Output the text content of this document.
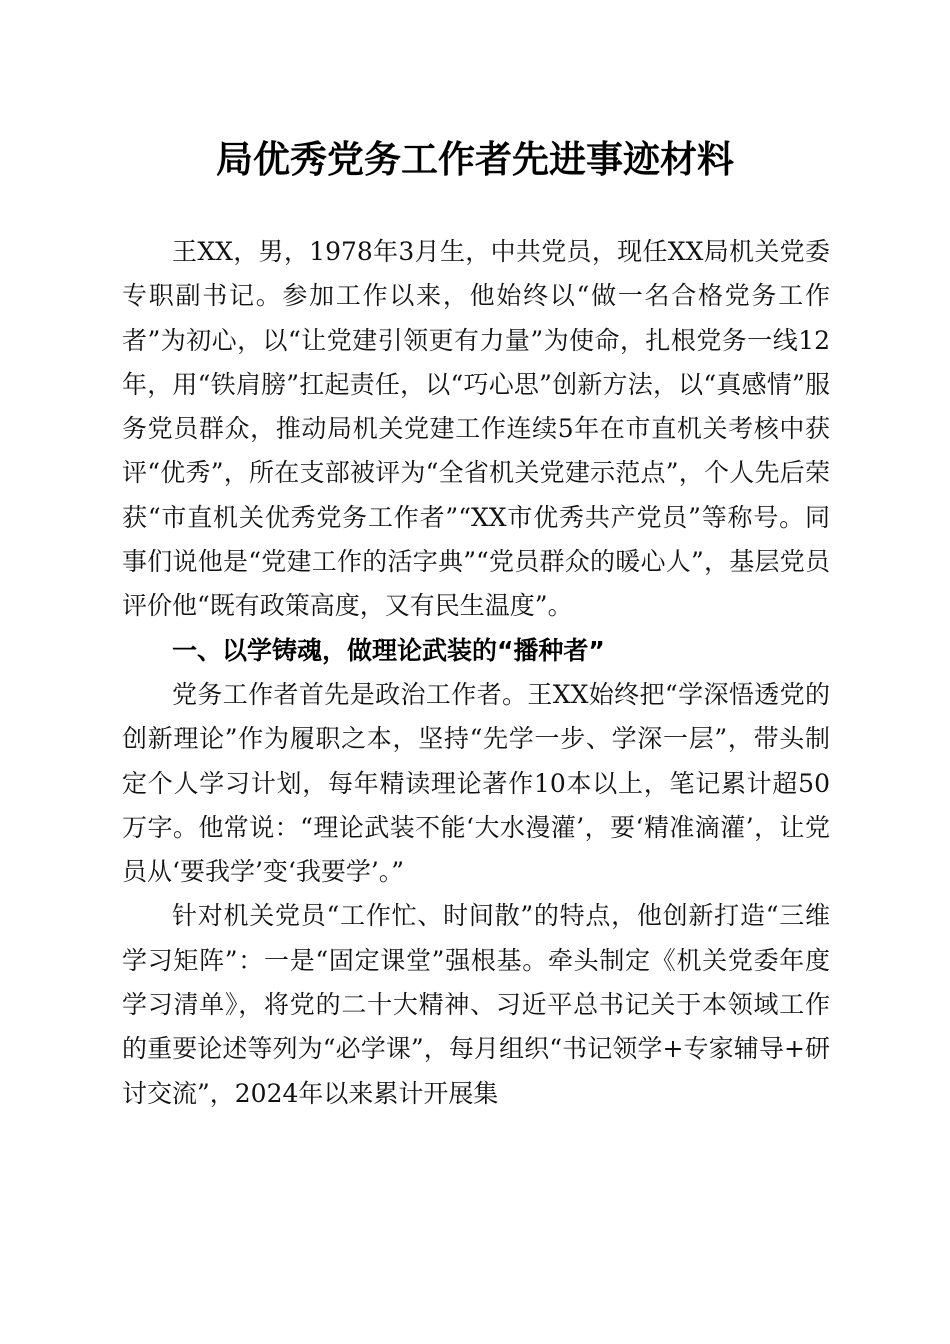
局优秀党务工作者先进事迹材料

王XX，男，1978年3月生，中共党员，现任XX局机关党委专职副书记。参加工作以来，他始终以“做一名合格党务工作者”为初心，以“让党建引领更有力量”为使命，扎根党务一线12年，用“铁肩膀”扛起责任，以“巧心思”创新方法，以“真感情”服务党员群众，推动局机关党建工作连续5年在市直机关考核中获评“优秀”，所在支部被评为“全省机关党建示范点”，个人先后荣获“市直机关优秀党务工作者”“XX市优秀共产党员”等称号。同事们说他是“党建工作的活字典”“党员群众的暖心人”，基层党员评价他“既有政策高度，又有民生温度”。

一、以学铸魂，做理论武装的“播种者”

党务工作者首先是政治工作者。王XX始终把“学深悟透党的创新理论”作为履职之本，坚持“先学一步、学深一层”，带头制定个人学习计划，每年精读理论著作10本以上，笔记累计超50万字。他常说：“理论武装不能‘大水漫灌’，要‘精准滴灌’，让党员从‘要我学’变‘我要学’。”

针对机关党员“工作忙、时间散”的特点，他创新打造“三维学习矩阵”：一是“固定课堂”强根基。牵头制定《机关党委年度学习清单》，将党的二十大精神、习近平总书记关于本领域工作的重要论述等列为“必学课”，每月组织“书记领学+专家辅导+研讨交流”，2024年以来累计开展集
